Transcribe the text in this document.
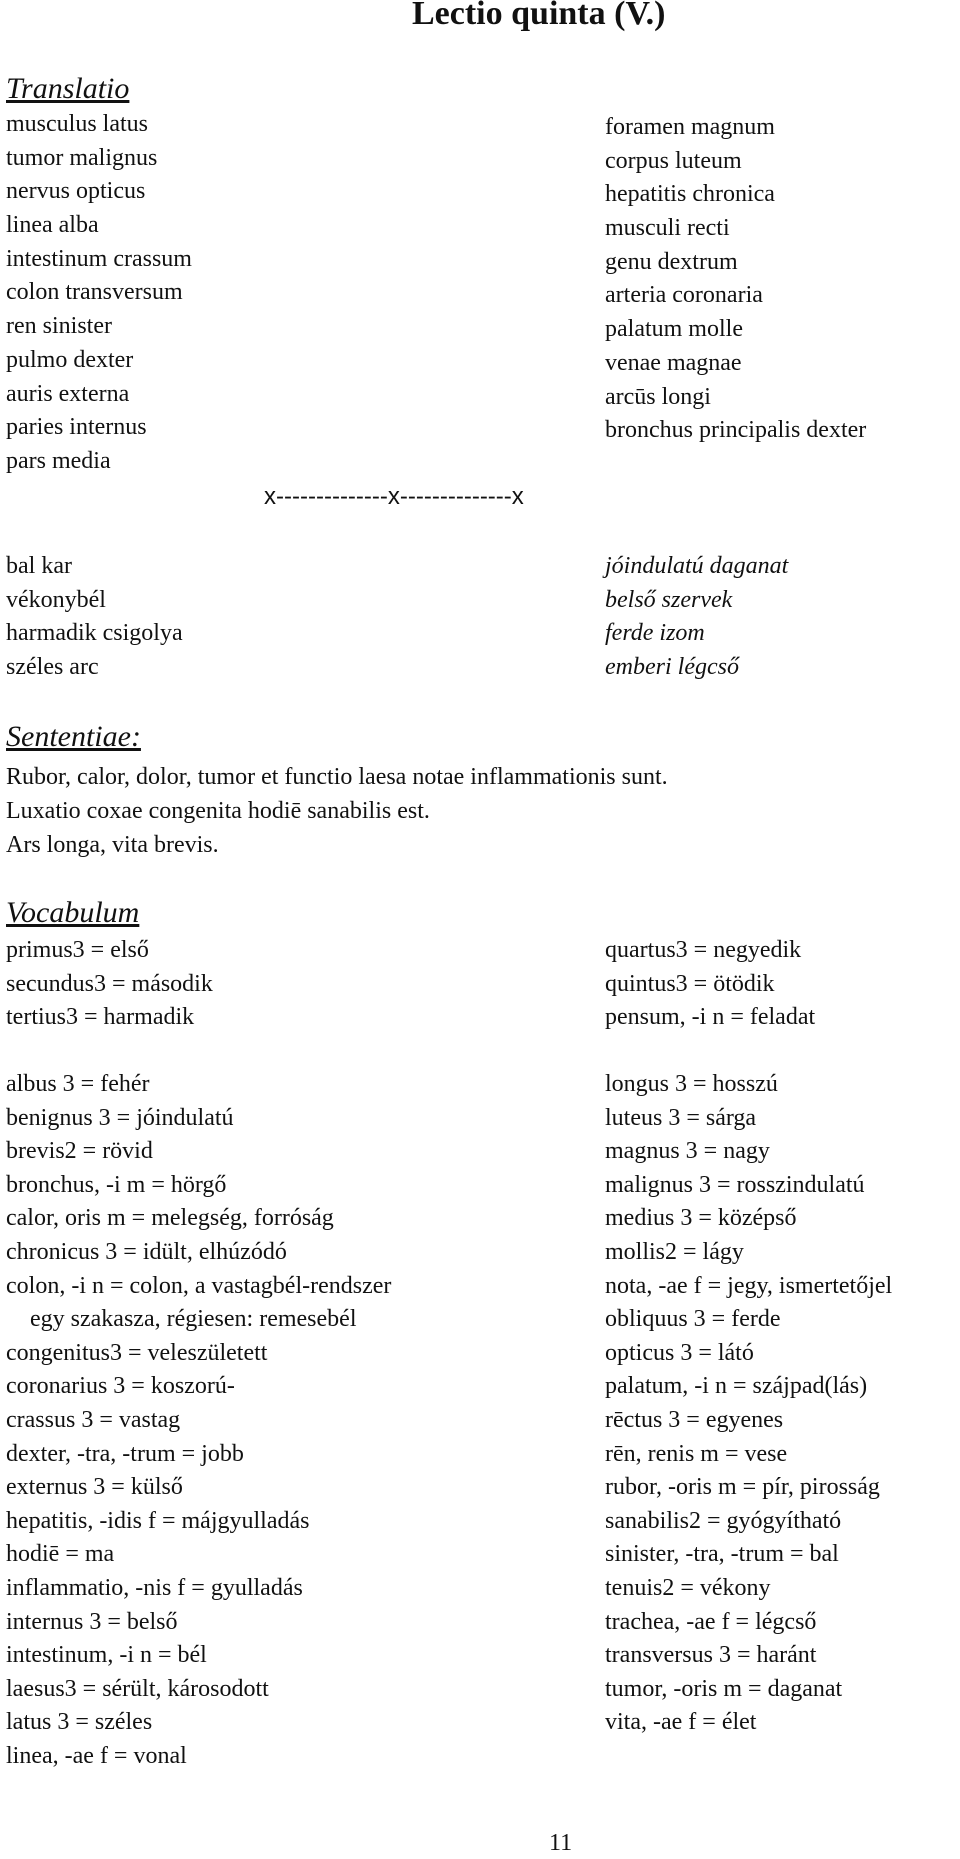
Lectio quinta (V.)
Translatio
musculus latus
tumor malignus
nervus opticus
linea alba
intestinum crassum
colon transversum
ren sinister
pulmo dexter
auris externa
paries internus
pars media
foramen magnum
corpus luteum
hepatitis chronica
musculi recti
genu dextrum
arteria coronaria
palatum molle
venae magnae
arcūs longi
bronchus principalis dexter
x--------------x--------------x
bal kar
vékonybél
harmadik csigolya
széles arc
jóindulatú daganat
belső szervek
ferde izom
emberi légcső
Sententiae:
Rubor, calor, dolor, tumor et functio laesa notae inflammationis sunt.
Luxatio coxae congenita hodiē sanabilis est.
Ars longa, vita brevis.
Vocabulum
primus3 = első
secundus3 = második
tertius3 = harmadik
quartus3 = negyedik
quintus3 = ötödik
pensum, -i n = feladat
albus 3 = fehér
benignus 3 = jóindulatú
brevis2 = rövid
bronchus, -i m = hörgő
calor, oris m = melegség, forróság
chronicus 3 = idült, elhúzódó
colon, -i n = colon, a vastagbél-rendszer
egy szakasza, régiesen: remesebél
congenitus3 = veleszületett
coronarius 3 = koszorú-
crassus 3 = vastag
dexter, -tra, -trum = jobb
externus 3 = külső
hepatitis, -idis f = májgyulladás
hodiē = ma
inflammatio, -nis f = gyulladás
internus 3 = belső
intestinum, -i n = bél
laesus3 = sérült, károsodott
latus 3 = széles
linea, -ae f = vonal
longus 3 = hosszú
luteus 3 = sárga
magnus 3 = nagy
malignus 3 = rosszindulatú
medius 3 = középső
mollis2 = lágy
nota, -ae f = jegy, ismertetőjel
obliquus 3 = ferde
opticus 3 = látó
palatum, -i n = szájpad(lás)
rēctus 3 = egyenes
rēn, renis m = vese
rubor, -oris m = pír, pirosság
sanabilis2 = gyógyítható
sinister, -tra, -trum = bal
tenuis2 = vékony
trachea, -ae f = légcső
transversus 3 = haránt
tumor, -oris m = daganat
vita, -ae f = élet
11
